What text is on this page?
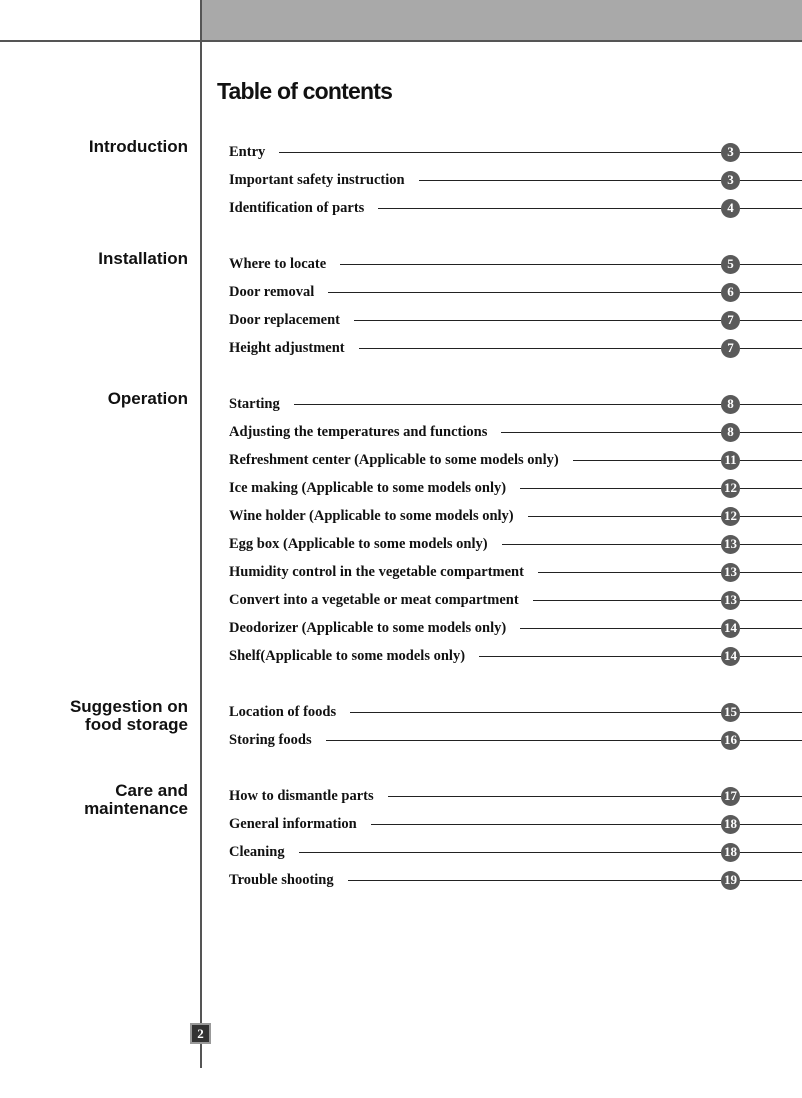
Table of contents
Introduction	Entry	3
Important safety instruction	3
Identification of parts	4
Installation	Where to locate	5
Door removal	6
Door replacement	7
Height adjustment	7
Operation	Starting	8
Adjusting the temperatures and functions	8
Refreshment center (Applicable to some models only)	11
Ice making (Applicable to some models only)	12
Wine holder (Applicable to some models only)	12
Egg box (Applicable to some models only)	13
Humidity control in the vegetable compartment	13
Convert into a vegetable or meat compartment	13
Deodorizer (Applicable to some models only)	14
Shelf(Applicable to some models only)	14
Suggestion on
food storage
Location of foods	15
Storing foods	16
Care and
maintenance
How to dismantle parts	17
General information	18
Cleaning	18
Trouble shooting	19
2
